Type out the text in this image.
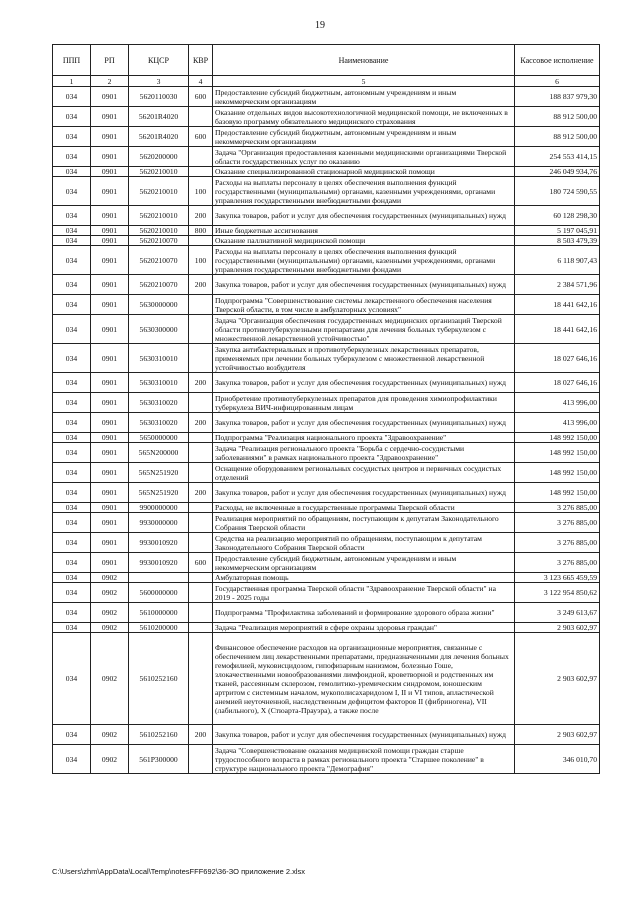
19
ППП	РП	КЦСР	КВР	Наименование	Кассовое исполнение
1	2	3	4	5	6
034	0901	5620110030	600	Предоставление субсидий бюджетным, автономным учреждениям и иным некоммерческим организациям	188 837 979,30
034	0901	56201R4020		Оказание отдельных видов высокотехнологичной медицинской помощи, не включенных в базовую программу обязательного медицинского страхования	88 912 500,00
034	0901	56201R4020	600	Предоставление субсидий бюджетным, автономным учреждениям и иным некоммерческим организациям	88 912 500,00
034	0901	5620200000		Задача "Организация предоставления казенными медицинскими организациями Тверской области государственных услуг по оказанию	254 553 414,15
034	0901	5620210010		Оказание специализированной стационарной медицинской помощи	246 049 934,76
034	0901	5620210010	100	Расходы на выплаты персоналу в целях обеспечения выполнения функций государственными (муниципальными) органами, казенными учреждениями, органами управления государственными внебюджетными фондами	180 724 590,55
034	0901	5620210010	200	Закупка товаров, работ и услуг для обеспечения государственных (муниципальных) нужд	60 128 298,30
034	0901	5620210010	800	Иные бюджетные ассигнования	5 197 045,91
034	0901	5620210070		Оказание паллиативной медицинской помощи	8 503 479,39
034	0901	5620210070	100	Расходы на выплаты персоналу в целях обеспечения выполнения функций государственными (муниципальными) органами, казенными учреждениями, органами управления государственными внебюджетными фондами	6 118 907,43
034	0901	5620210070	200	Закупка товаров, работ и услуг для обеспечения государственных (муниципальных) нужд	2 384 571,96
034	0901	5630000000		Подпрограмма "Совершенствование системы лекарственного обеспечения населения Тверской области, в том числе в амбулаторных условиях"	18 441 642,16
034	0901	5630300000		Задача "Организация обеспечения государственных медицинских организаций Тверской области противотуберкулезными препаратами для лечения больных туберкулезом с множественной лекарственной устойчивостью"	18 441 642,16
034	0901	5630310010		Закупка антибактериальных и противотуберкулезных лекарственных препаратов, применяемых при лечении больных туберкулезом с множественной лекарственной устойчивостью возбудителя	18 027 646,16
034	0901	5630310010	200	Закупка товаров, работ и услуг для обеспечения государственных (муниципальных) нужд	18 027 646,16
034	0901	5630310020		Приобретение противотуберкулезных препаратов для проведения химиопрофилактики туберкулеза ВИЧ-инфицированным лицам	413 996,00
034	0901	5630310020	200	Закупка товаров, работ и услуг для обеспечения государственных (муниципальных) нужд	413 996,00
034	0901	5650000000		Подпрограмма "Реализация национального проекта "Здравоохранение"	148 992 150,00
034	0901	565N200000		Задача "Реализация регионального проекта "Борьба с сердечно-сосудистыми заболеваниями" в рамках национального проекта "Здравоохранение"	148 992 150,00
034	0901	565N251920		Оснащение оборудованием региональных сосудистых центров и первичных сосудистых отделений	148 992 150,00
034	0901	565N251920	200	Закупка товаров, работ и услуг для обеспечения государственных (муниципальных) нужд	148 992 150,00
034	0901	9900000000		Расходы, не включенные в государственные программы Тверской области	3 276 885,00
034	0901	9930000000		Реализация мероприятий по обращениям, поступающим к депутатам Законодательного Собрания Тверской области	3 276 885,00
034	0901	9930010920		Средства на реализацию мероприятий по обращениям, поступающим к депутатам Законодательного Собрания Тверской области	3 276 885,00
034	0901	9930010920	600	Предоставление субсидий бюджетным, автономным учреждениям и иным некоммерческим организациям	3 276 885,00
034	0902			Амбулаторная помощь	3 123 665 459,59
034	0902	5600000000		Государственная программа Тверской области "Здравоохранение Тверской области" на 2019 - 2025 годы	3 122 954 850,62
034	0902	5610000000		Подпрограмма "Профилактика заболеваний и формирование здорового образа жизни"	3 249 613,67
034	0902	5610200000		Задача "Реализация мероприятий в сфере охраны здоровья граждан"	2 903 602,97
034	0902	5610252160		Финансовое обеспечение расходов на организационные мероприятия, связанные с обеспечением лиц лекарственными препаратами, предназначенными для лечения больных гемофилией, муковисцидозом, гипофизарным нанизмом, болезнью Гоше, злокачественными новообразованиями лимфоидной, кроветворной и родственных им тканей, рассеянным склерозом, гемолитико-уремическим синдромом, юношеским артритом с системным началом, мукополисахаридозом I, II и VI типов, апластической анемией неуточненной, наследственным дефицитом факторов II (фибриногена), VII (лабильного), X (Стюарта-Прауэра), а также после	2 903 602,97
034	0902	5610252160	200	Закупка товаров, работ и услуг для обеспечения государственных (муниципальных) нужд	2 903 602,97
034	0902	561P300000		Задача "Совершенствование оказания медицинской помощи граждан старше трудоспособного возраста в рамках регионального проекта "Старшее поколение" в структуре национального проекта "Демография"	346 010,70
C:\Users\zhm\AppData\Local\Temp\notesFFF692\36-ЗО приложение 2.xlsx
